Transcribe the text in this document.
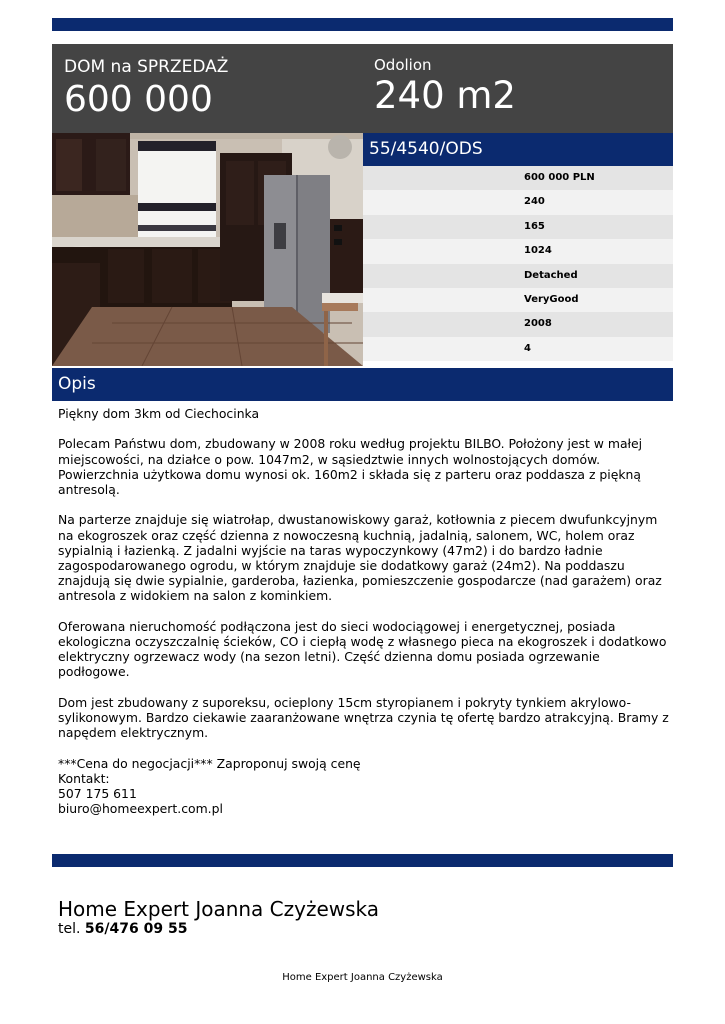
DOM na SPRZEDAŻ
600 000
Odolion
240 m2
55/4540/ODS
600 000 PLN
240
165
1024
Detached
VeryGood
2008
4
Opis

Piękny dom 3km od Ciechocinka

Polecam Państwu dom, zbudowany w 2008 roku według projektu BILBO. Położony jest w małej miejscowości, na działce o pow. 1047m2, w sąsiedztwie innych wolnostojących domów. Powierzchnia użytkowa domu wynosi ok. 160m2 i składa się z parteru oraz poddasza z piękną antresolą.

Na parterze znajduje się wiatrołap, dwustanowiskowy garaż, kotłownia z piecem dwufunkcyjnym na ekogroszek oraz część dzienna z nowoczesną kuchnią, jadalnią, salonem, WC, holem oraz sypialnią i łazienką. Z jadalni wyjście na taras wypoczynkowy (47m2) i do bardzo ładnie zagospodarowanego ogrodu, w którym znajduje sie dodatkowy garaż (24m2). Na poddaszu znajdują się dwie sypialnie, garderoba, łazienka, pomieszczenie gospodarcze (nad garażem) oraz antresola z widokiem na salon z kominkiem.

Oferowana nieruchomość podłączona jest do sieci wodociągowej i energetycznej, posiada ekologiczna oczyszczalnię ścieków, CO i ciepłą wodę z własnego pieca na ekogroszek i dodatkowo elektryczny ogrzewacz wody (na sezon letni). Część dzienna domu posiada ogrzewanie podłogowe.

Dom jest zbudowany z suporeksu, ocieplony 15cm styropianem i pokryty tynkiem akrylowo-sylikonowym. Bardzo ciekawie zaaranżowane wnętrza czynia tę ofertę bardzo atrakcyjną. Bramy z napędem elektrycznym.

***Cena do negocjacji*** Zaproponuj swoją cenę

Kontakt:

507 175 611

biuro@homeexpert.com.pl

Home Expert Joanna Czyżewska
tel. 56/476 09 55
Home Expert Joanna Czyżewska
